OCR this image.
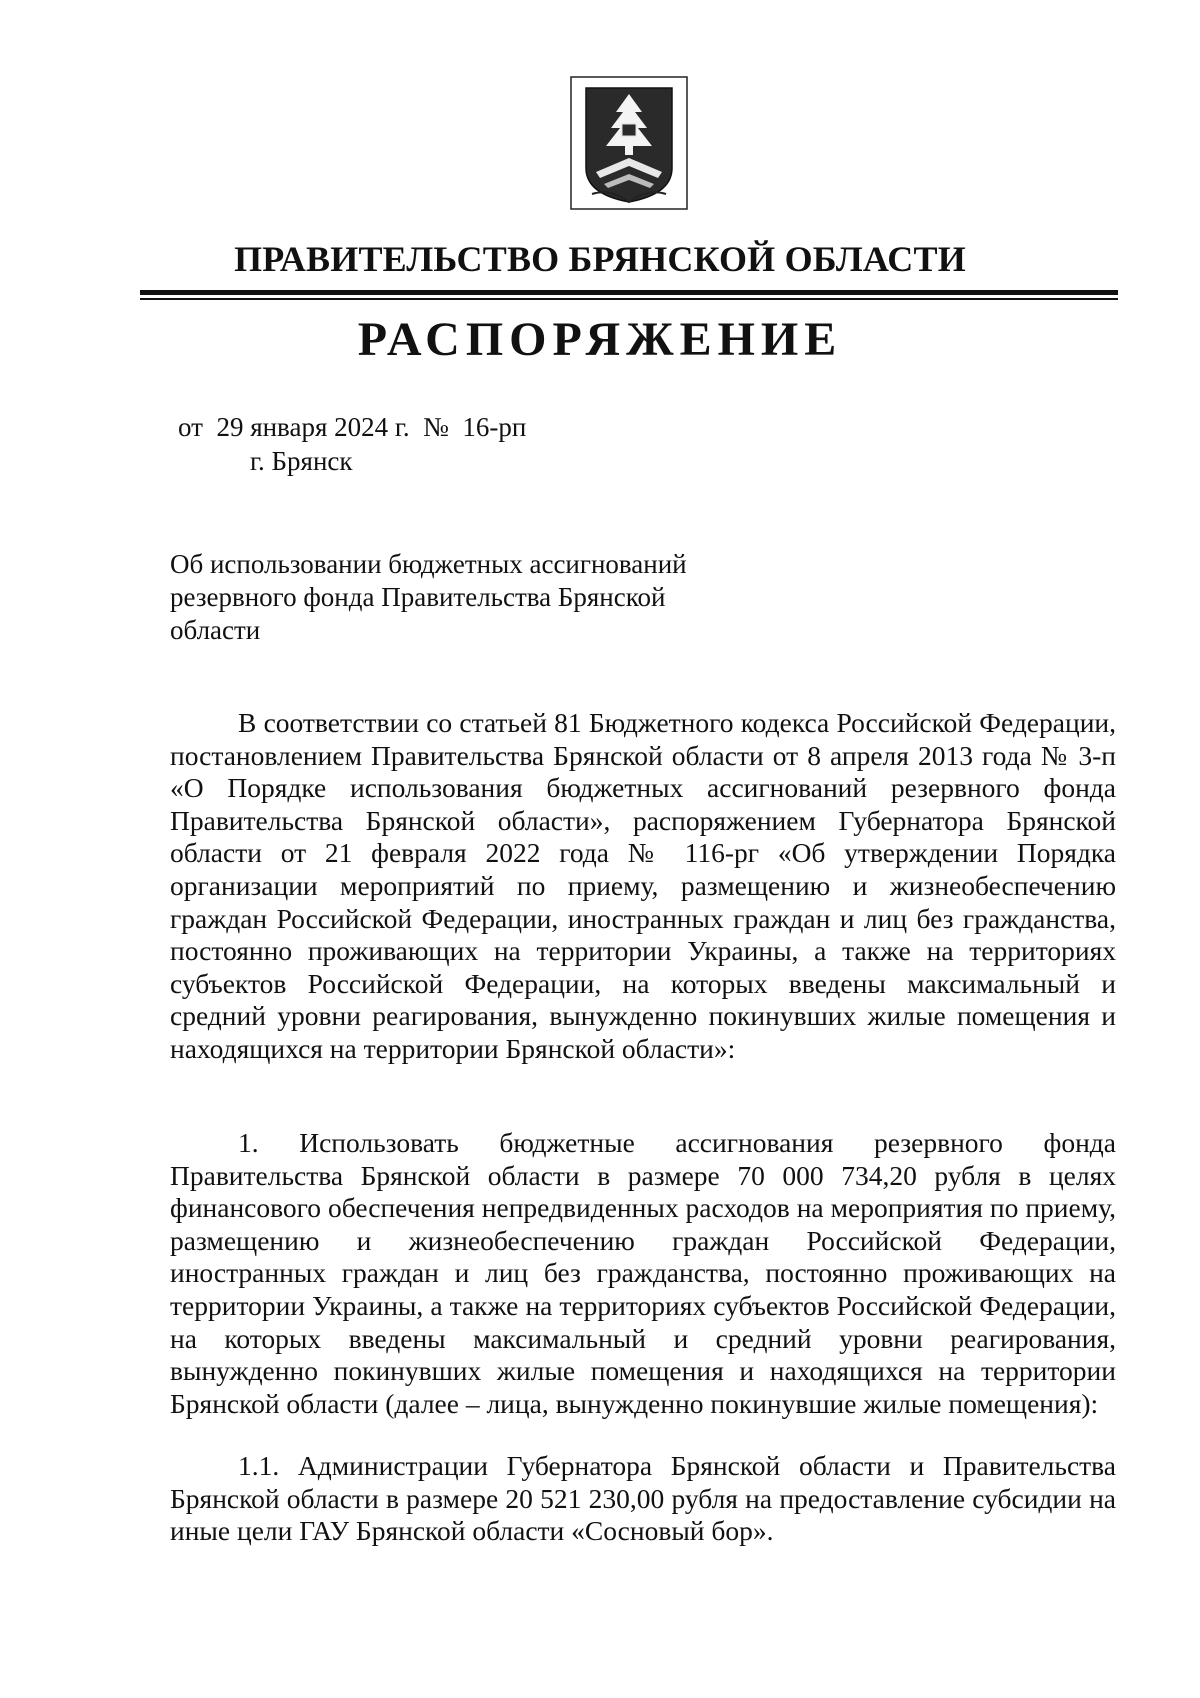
ПРАВИТЕЛЬСТВО БРЯНСКОЙ ОБЛАСТИ
РАСПОРЯЖЕНИЕ
от  29 января 2024 г.  №  16-рп
г. Брянск
Об использовании бюджетных ассигнований резервного фонда Правительства Брянской области

В соответствии со статьей 81 Бюджетного кодекса Российской Федерации, постановлением Правительства Брянской области от 8 апреля 2013 года № 3-п «О Порядке использования бюджетных ассигнований резервного фонда Правительства Брянской области», распоряжением Губернатора Брянской области от 21 февраля 2022 года № 116-рг «Об утверждении Порядка организации мероприятий по приему, размещению и жизнеобеспечению граждан Российской Федерации, иностранных граждан и лиц без гражданства, постоянно проживающих на территории Украины, а также на территориях субъектов Российской Федерации, на которых введены максимальный и средний уровни реагирования, вынужденно покинувших жилые помещения и находящихся на территории Брянской области»:

1. Использовать бюджетные ассигнования резервного фонда Правительства Брянской области в размере 70 000 734,20 рубля в целях финансового обеспечения непредвиденных расходов на мероприятия по приему, размещению и жизнеобеспечению граждан Российской Федерации, иностранных граждан и лиц без гражданства, постоянно проживающих на территории Украины, а также на территориях субъектов Российской Федерации, на которых введены максимальный и средний уровни реагирования, вынужденно покинувших жилые помещения и находящихся на территории Брянской области (далее – лица, вынужденно покинувшие жилые помещения):

1.1. Администрации Губернатора Брянской области и Правительства Брянской области в размере 20 521 230,00 рубля на предоставление субсидии на иные цели ГАУ Брянской области «Сосновый бор».
